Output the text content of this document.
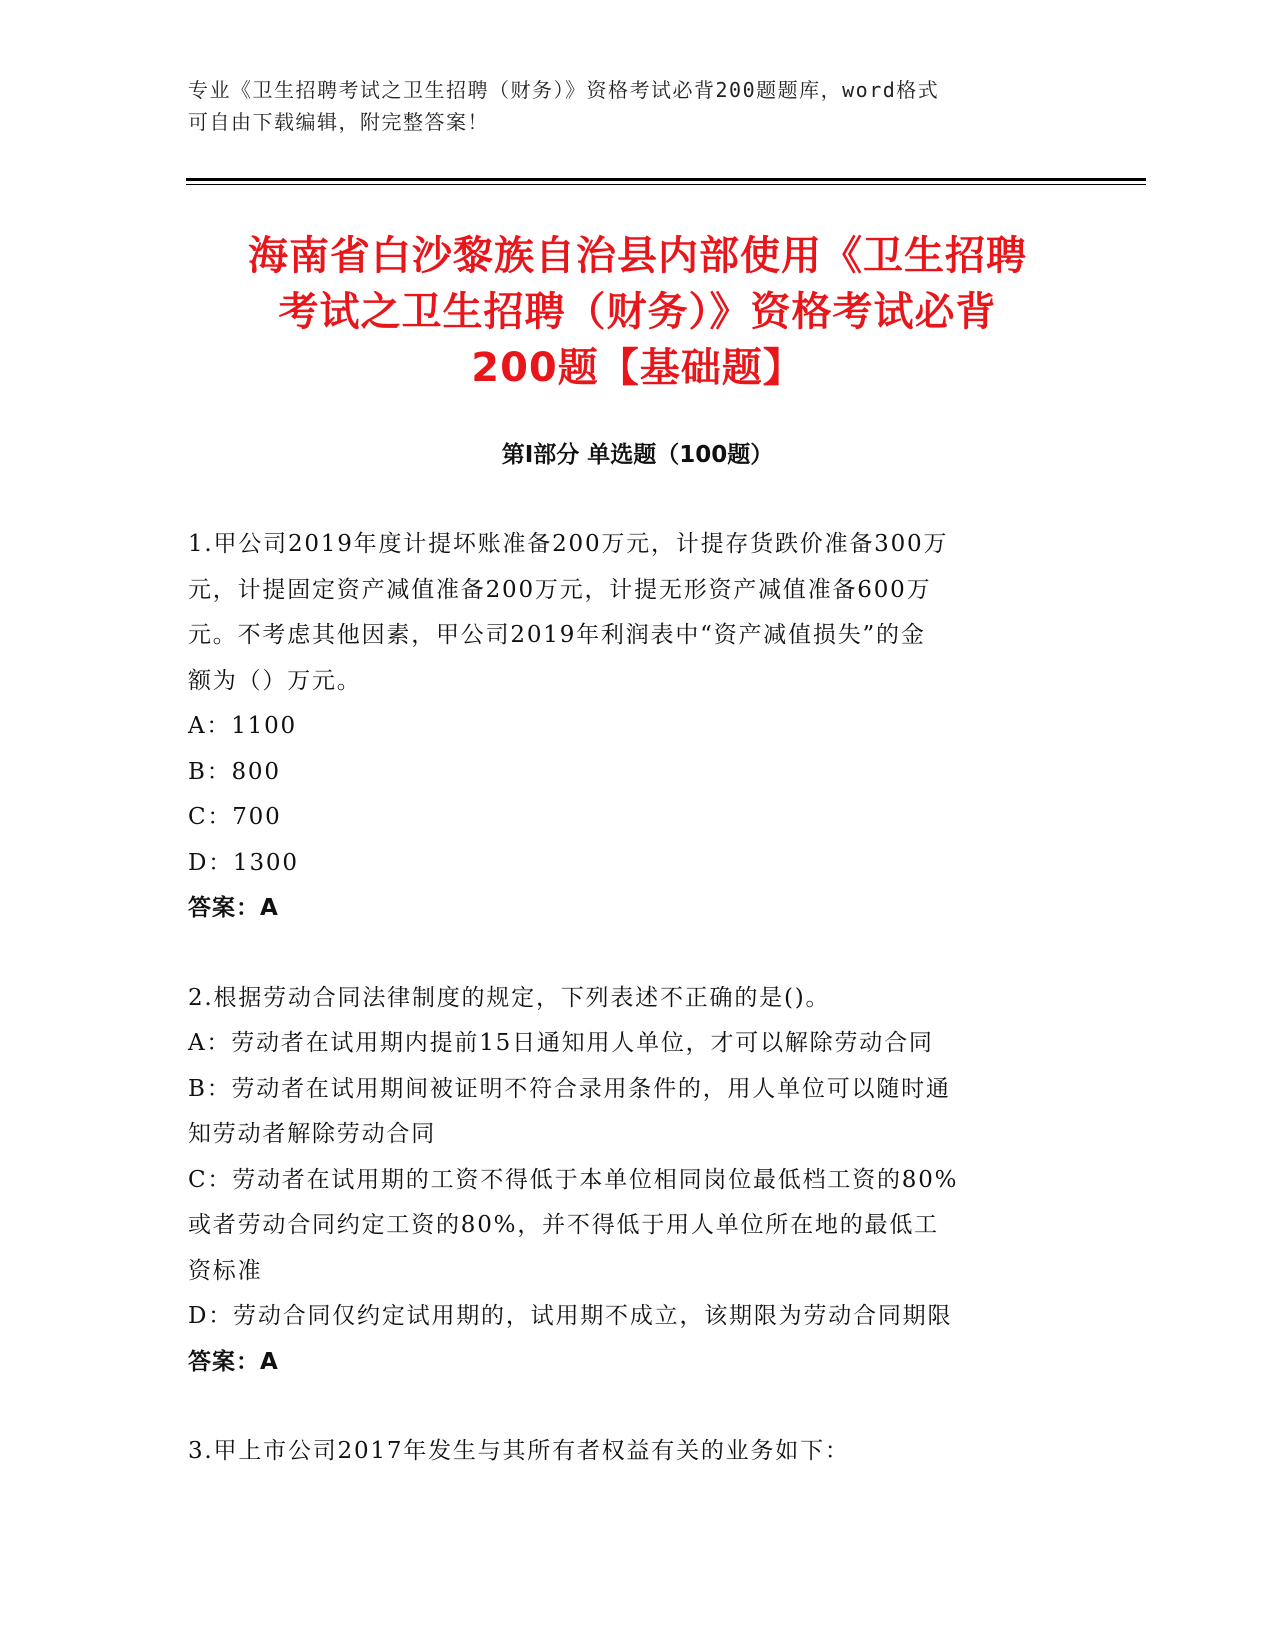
专业《卫生招聘考试之卫生招聘（财务）》资格考试必背200题题库，word格式
可自由下载编辑，附完整答案！
海南省白沙黎族自治县内部使用《卫生招聘
考试之卫生招聘（财务）》资格考试必背
200题【基础题】
第I部分 单选题（100题）
1.甲公司2019年度计提坏账准备200万元，计提存货跌价准备300万
元，计提固定资产减值准备200万元，计提无形资产减值准备600万
元。不考虑其他因素，甲公司2019年利润表中“资产减值损失”的金
额为（）万元。
A：1100
B：800
C：700
D：1300
答案：A
2.根据劳动合同法律制度的规定，下列表述不正确的是()。
A：劳动者在试用期内提前15日通知用人单位，才可以解除劳动合同
B：劳动者在试用期间被证明不符合录用条件的，用人单位可以随时通
知劳动者解除劳动合同
C：劳动者在试用期的工资不得低于本单位相同岗位最低档工资的80%
或者劳动合同约定工资的80%，并不得低于用人单位所在地的最低工
资标准
D：劳动合同仅约定试用期的，试用期不成立，该期限为劳动合同期限
答案：A
3.甲上市公司2017年发生与其所有者权益有关的业务如下：
